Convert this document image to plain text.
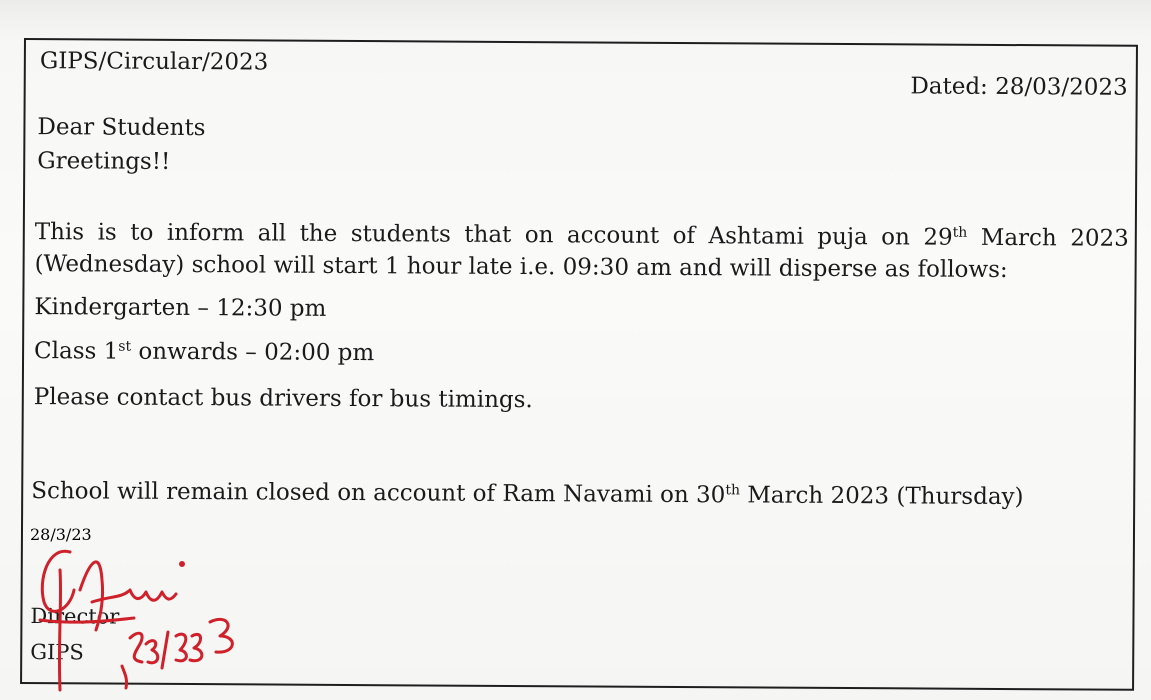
GIPS/Circular/2023
Dated: 28/03/2023
Dear Students
Greetings!!
This is to inform all the students that on account of Ashtami puja on 29th March 2023 (Wednesday) school will start 1 hour late i.e. 09:30 am and will disperse as follows:
Kindergarten – 12:30 pm
Class 1st onwards – 02:00 pm
Please contact bus drivers for bus timings.
School will remain closed on account of Ram Navami on 30th March 2023 (Thursday)
Director
GIPS
28/3/23
